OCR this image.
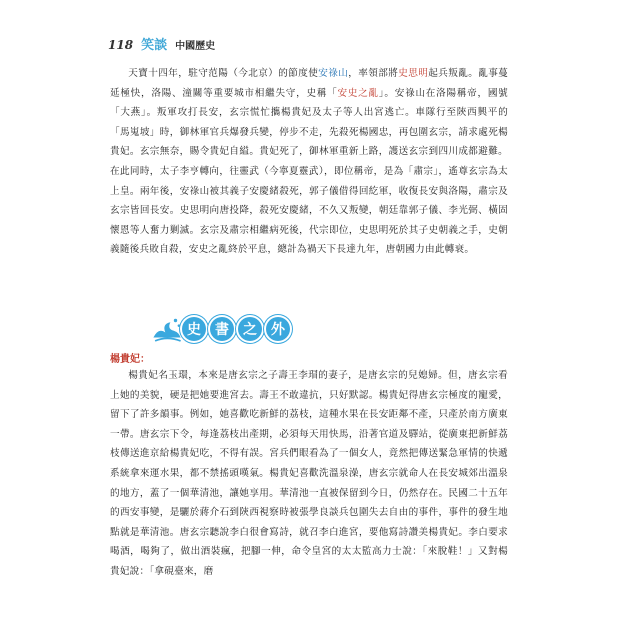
118 笑談 中國歷史

天寶十四年，駐守范陽（今北京）的節度使安祿山，率領部將史思明起兵叛亂。亂事蔓延極快，洛陽、潼關等重要城市相繼失守，史稱「安史之亂」。安祿山在洛陽稱帝，國號「大燕」。叛軍攻打長安，玄宗慌忙攜楊貴妃及太子等人出宮逃亡。車隊行至陝西興平的「馬嵬坡」時，御林軍官兵爆發兵變，停步不走，先殺死楊國忠，再包圍玄宗，請求處死楊貴妃。玄宗無奈，賜令貴妃自縊。貴妃死了，御林軍重新上路，護送玄宗到四川成都避難。在此同時，太子李亨轉向，往靈武（今寧夏靈武），即位稱帝，是為「肅宗」，遙尊玄宗為太上皇。兩年後，安祿山被其義子安慶緒殺死，郭子儀借得回紇軍，收復長安與洛陽，肅宗及玄宗皆回長安。史思明向唐投降，殺死安慶緒，不久又叛變，朝廷靠郭子儀、李光弼、橫固懷恩等人奮力剿滅。玄宗及肅宗相繼病死後，代宗即位，史思明死於其子史朝義之手，史朝義隨後兵敗自殺，安史之亂終於平息，總計為禍天下長達九年，唐朝國力由此轉衰。

史	書	之	外
楊貴妃：

楊貴妃名玉環，本來是唐玄宗之子壽王李瑁的妻子，是唐玄宗的兒媳婦。但，唐玄宗看上她的美貌，硬是把她要進宮去。壽王不敢違抗，只好默認。楊貴妃得唐玄宗極度的寵愛，留下了許多韻事。例如，她喜歡吃新鮮的荔枝，這種水果在長安距鄰不產，只產於南方廣東一帶。唐玄宗下令，每逢荔枝出產期，必須每天用快馬，沿著官道及驛站，從廣東把新鮮荔枝傳送進京給楊貴妃吃，不得有誤。宮兵們眼看為了一個女人，竟然把傳送緊急軍情的快遞系統拿來運水果，都不禁搖頭嘆氣。楊貴妃喜歡洗溫泉澡，唐玄宗就命人在長安城郊出溫泉的地方，蓋了一個華清池，讓她享用。華清池一直被保留到今日，仍然存在。民國二十五年的西安事變，是驪於蔣介石到陝西視察時被張學良談兵包圍失去自由的事件，事件的發生地點就是華清池。唐玄宗聽說李白很會寫詩，就召李白進宮，要他寫詩讚美楊貴妃。李白要求喝酒，喝夠了，做出酒裝瘋，把腳一伸，命令皇宮的太太監高力士說：「來脫鞋！」又對楊貴妃說：「拿硯臺來，磨
